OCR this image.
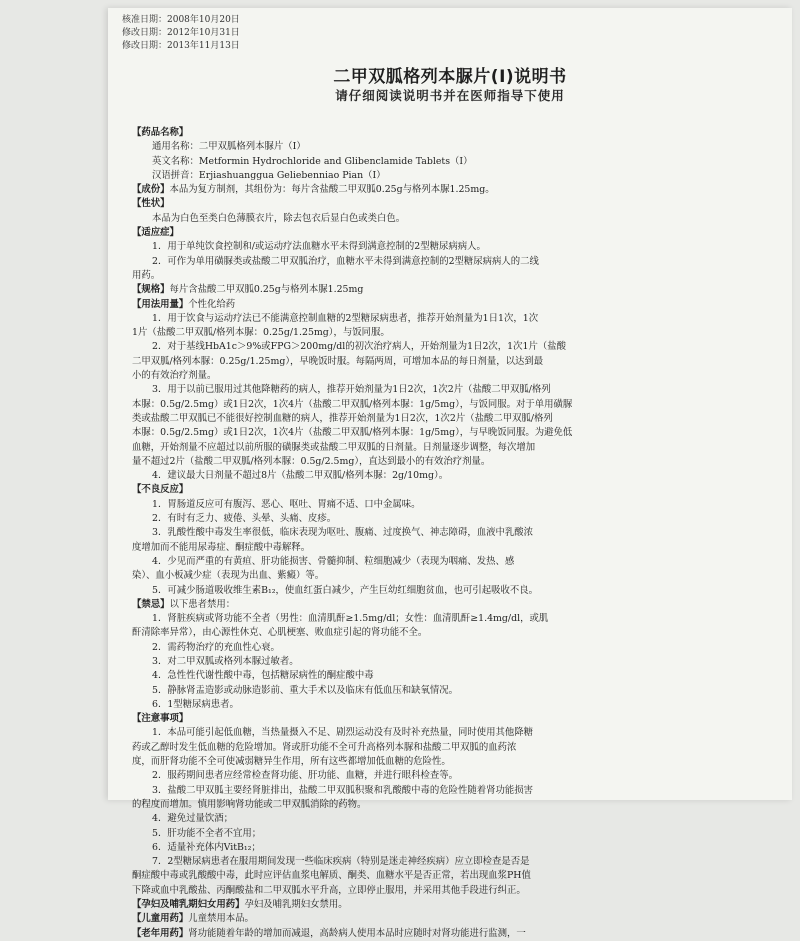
核准日期：2008年10月20日
修改日期：2012年10月31日
修改日期：2013年11月13日
二甲双胍格列本脲片(Ⅰ)说明书
请仔细阅读说明书并在医师指导下使用
【药品名称】
通用名称：二甲双胍格列本脲片（Ⅰ）
英文名称：Metformin Hydrochloride and Glibenclamide Tablets（Ⅰ）
汉语拼音：Erjiashuanggua Geliebenniao Pian（Ⅰ）
【成份】本品为复方制剂，其组份为：每片含盐酸二甲双胍0.25g与格列本脲1.25mg。
【性状】
本品为白色至类白色薄膜衣片，除去包衣后显白色或类白色。
【适应症】
1．用于单纯饮食控制和/或运动疗法血糖水平未得到满意控制的2型糖尿病病人。
2．可作为单用磺脲类或盐酸二甲双胍治疗，血糖水平未得到满意控制的2型糖尿病病人的二线
用药。
【规格】每片含盐酸二甲双胍0.25g与格列本脲1.25mg
【用法用量】个性化给药
1．用于饮食与运动疗法已不能满意控制血糖的2型糖尿病患者，推荐开始剂量为1日1次，1次
1片（盐酸二甲双胍/格列本脲：0.25g/1.25mg），与饭同服。
2．对于基线HbA1c＞9%或FPG＞200mg/dl的初次治疗病人，开始剂量为1日2次，1次1片（盐酸
二甲双胍/格列本脲：0.25g/1.25mg），早晚饭时服。每隔两周，可增加本品的每日剂量，以达到最
小的有效治疗剂量。
3．用于以前已服用过其他降糖药的病人，推荐开始剂量为1日2次，1次2片（盐酸二甲双胍/格列
本脲：0.5g/2.5mg）或1日2次，1次4片（盐酸二甲双胍/格列本脲：1g/5mg），与饭同服。对于单用磺脲
类或盐酸二甲双胍已不能很好控制血糖的病人，推荐开始剂量为1日2次，1次2片（盐酸二甲双胍/格列
本脲：0.5g/2.5mg）或1日2次，1次4片（盐酸二甲双胍/格列本脲：1g/5mg），与早晚饭同服。为避免低
血糖，开始剂量不应超过以前所服的磺脲类或盐酸二甲双胍的日剂量。日剂量逐步调整，每次增加
量不超过2片（盐酸二甲双胍/格列本脲：0.5g/2.5mg），直达到最小的有效治疗剂量。
4．建议最大日剂量不超过8片（盐酸二甲双胍/格列本脲：2g/10mg）。
【不良反应】
1．胃肠道反应可有腹泻、恶心、呕吐、胃痛不适、口中金属味。
2．有时有乏力、疲倦、头晕、头痛、皮疹。
3．乳酸性酸中毒发生率很低，临床表现为呕吐、腹痛、过度换气、神志障碍，血液中乳酸浓
度增加而不能用尿毒症、酮症酸中毒解释。
4．少见而严重的有黄疸、肝功能损害、骨髓抑制、粒细胞减少（表现为咽痛、发热、感
染）、血小板减少症（表现为出血、紫癜）等。
5．可减少肠道吸收维生素B₁₂，使血红蛋白减少，产生巨幼红细胞贫血，也可引起吸收不良。
【禁忌】以下患者禁用：
1．肾脏疾病或肾功能不全者（男性：血清肌酐≥1.5mg/dl；女性：血清肌酐≥1.4mg/dl，或肌
酐清除率异常），由心源性休克、心肌梗塞、败血症引起的肾功能不全。
2．需药物治疗的充血性心衰。
3．对二甲双胍或格列本脲过敏者。
4．急性性代谢性酸中毒，包括糖尿病性的酮症酸中毒
5．静脉肾盂造影或动脉造影前、重大手术以及临床有低血压和缺氧情况。
6．1型糖尿病患者。
【注意事项】
1．本品可能引起低血糖，当热量摄入不足、剧烈运动没有及时补充热量，同时使用其他降糖
药或乙醇时发生低血糖的危险增加。肾或肝功能不全可升高格列本脲和盐酸二甲双胍的血药浓
度，而肝肾功能不全可使减弱糖异生作用，所有这些都增加低血糖的危险性。
2．服药期间患者应经常检查肾功能、肝功能、血糖，并进行眼科检查等。
3．盐酸二甲双胍主要经肾脏排出，盐酸二甲双胍积聚和乳酸酸中毒的危险性随着肾功能损害
的程度而增加。慎用影响肾功能或二甲双胍消除的药物。
4．避免过量饮酒；
5．肝功能不全者不宜用；
6．适量补充体内VitB₁₂；
7．2型糖尿病患者在服用期间发现一些临床疾病（特别是迷走神经疾病）应立即检查是否是
酮症酸中毒或乳酸酸中毒，此时应评估血浆电解质、酮类、血糖水平是否正常，若出现血浆PH值
下降或血中乳酸盐、丙酮酸盐和二甲双胍水平升高，立即停止服用，并采用其他手段进行纠正。
【孕妇及哺乳期妇女用药】孕妇及哺乳期妇女禁用。
【儿童用药】儿童禁用本品。
【老年用药】肾功能随着年龄的增加而减退，高龄病人使用本品时应随时对肾功能进行监测，一
